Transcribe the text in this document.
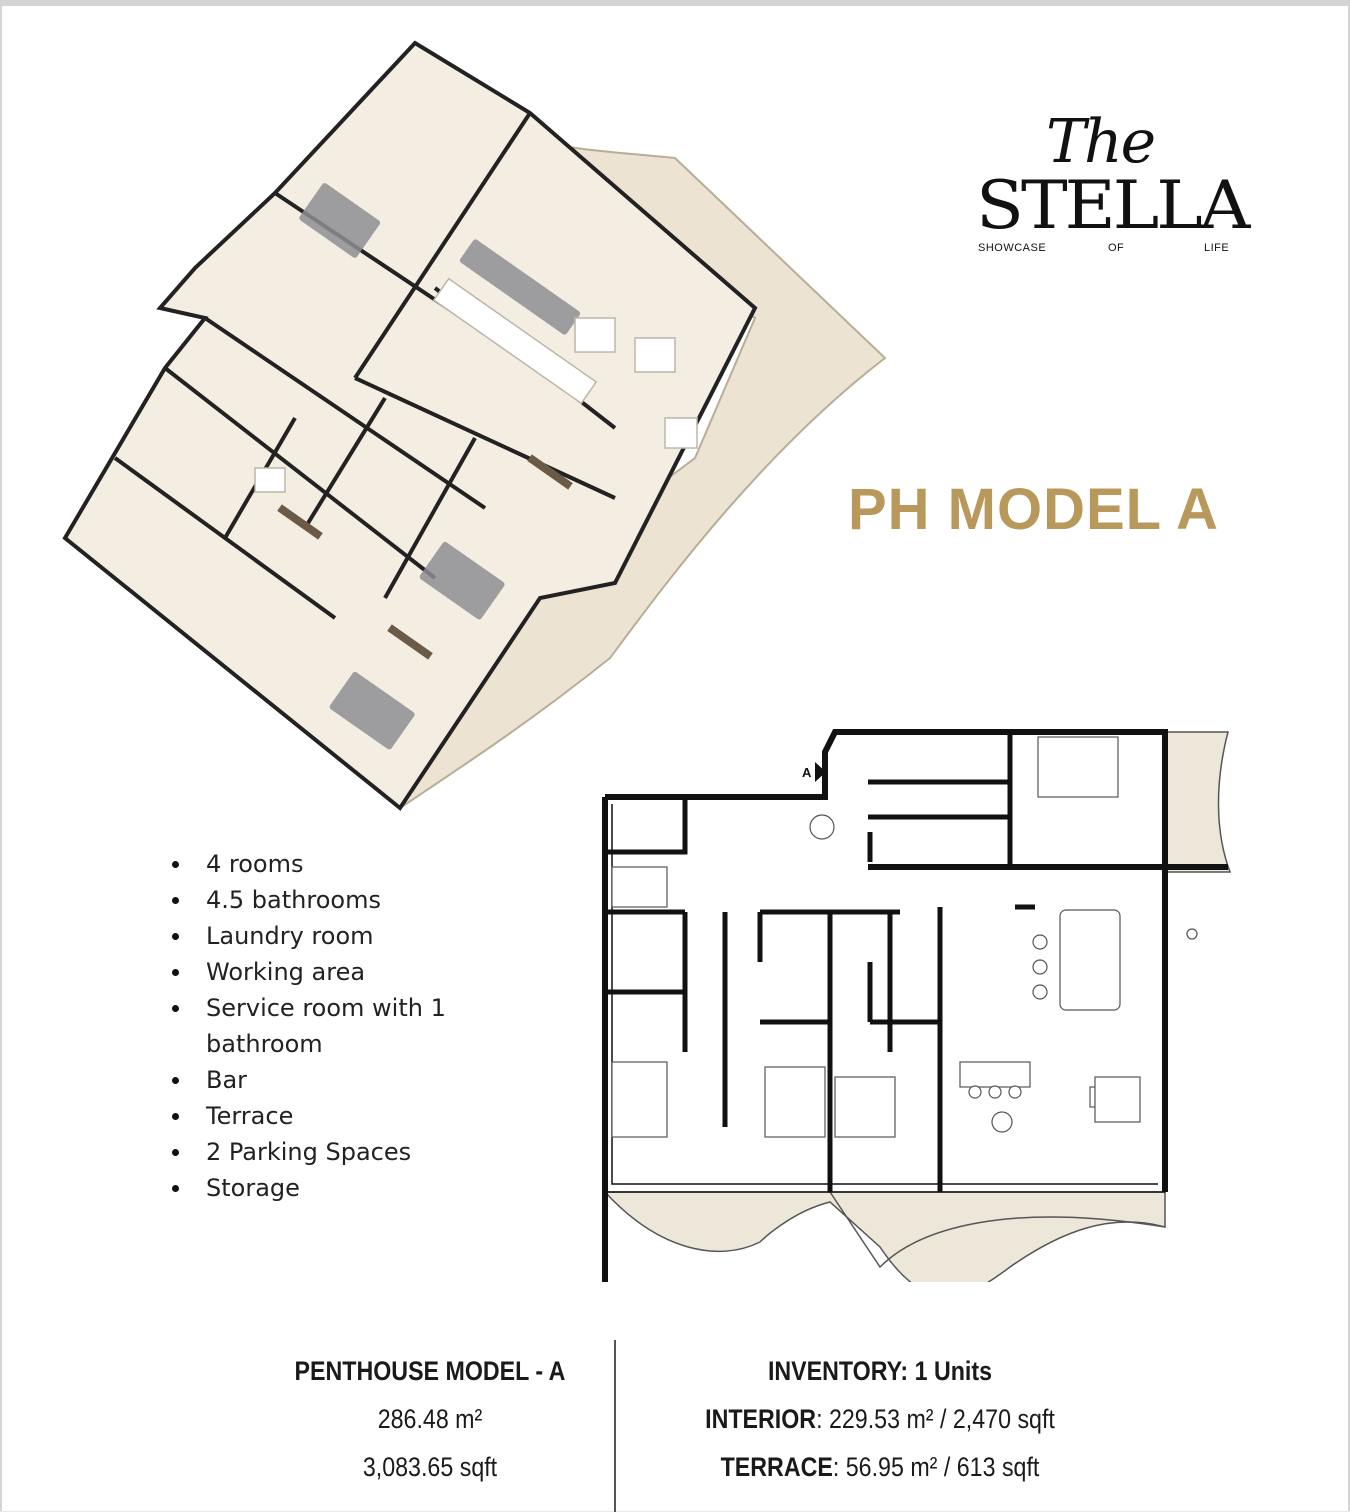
The
STELLA
SHOWCASE	OF	LIFE
PH MODEL A
4 rooms
4.5 bathrooms
Laundry room
Working area
Service room with 1 bathroom
Bar
Terrace
2 Parking Spaces
Storage
A
PENTHOUSE MODEL - A
286.48 m²
3,083.65 sqft
INVENTORY: 1 Units
INTERIOR: 229.53 m² / 2,470 sqft
TERRACE: 56.95 m² / 613 sqft
